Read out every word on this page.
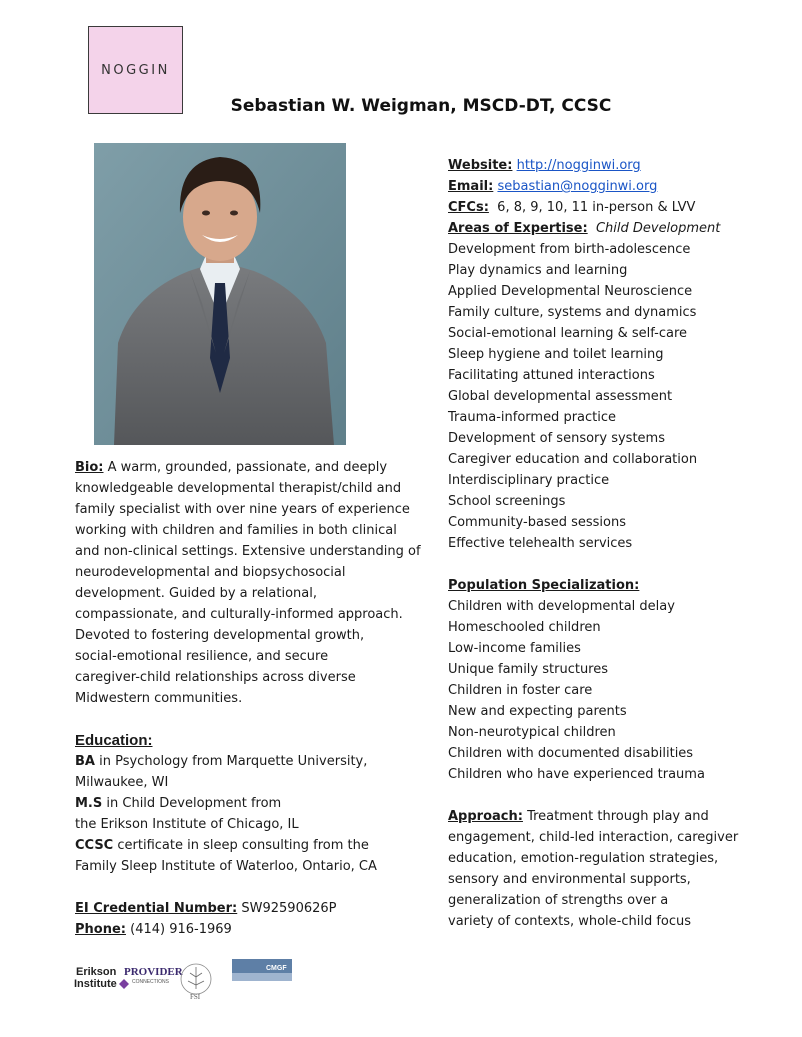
NOGGIN
Sebastian W. Weigman, MSCD-DT, CCSC
Bio: A warm, grounded, passionate, and deeply
knowledgeable developmental therapist/child and
family specialist with over nine years of experience
working with children and families in both clinical
and non-clinical settings. Extensive understanding of
neurodevelopmental and biopsychosocial
development. Guided by a relational,
compassionate, and culturally-informed approach.
Devoted to fostering developmental growth,
social-emotional resilience, and secure
caregiver-child relationships across diverse
Midwestern communities.
Education:
BA in Psychology from Marquette University,
Milwaukee, WI
M.S in Child Development from
the Erikson Institute of Chicago, IL
CCSC certificate in sleep consulting from the
Family Sleep Institute of Waterloo, Ontario, CA
EI Credential Number: SW92590626P
Phone: (414) 916-1969
Website: http://nogginwi.org
Email: sebastian@nogginwi.org
CFCs: 6, 8, 9, 10, 11 in-person & LVV
Areas of Expertise: Child Development
Development from birth-adolescence
Play dynamics and learning
Applied Developmental Neuroscience
Family culture, systems and dynamics
Social-emotional learning & self-care
Sleep hygiene and toilet learning
Facilitating attuned interactions
Global developmental assessment
Trauma-informed practice
Development of sensory systems
Caregiver education and collaboration
Interdisciplinary practice
School screenings
Community-based sessions
Effective telehealth services
Population Specialization:
Children with developmental delay
Homeschooled children
Low-income families
Unique family structures
Children in foster care
New and expecting parents
Non-neurotypical children
Children with documented disabilities
Children who have experienced trauma
Approach: Treatment through play and
engagement, child-led interaction, caregiver
education, emotion-regulation strategies,
sensory and environmental supports,
generalization of strengths over a
variety of contexts, whole-child focus
Erikson
Institute
PROVIDER
CONNECTIONS
FSI
CMGF
